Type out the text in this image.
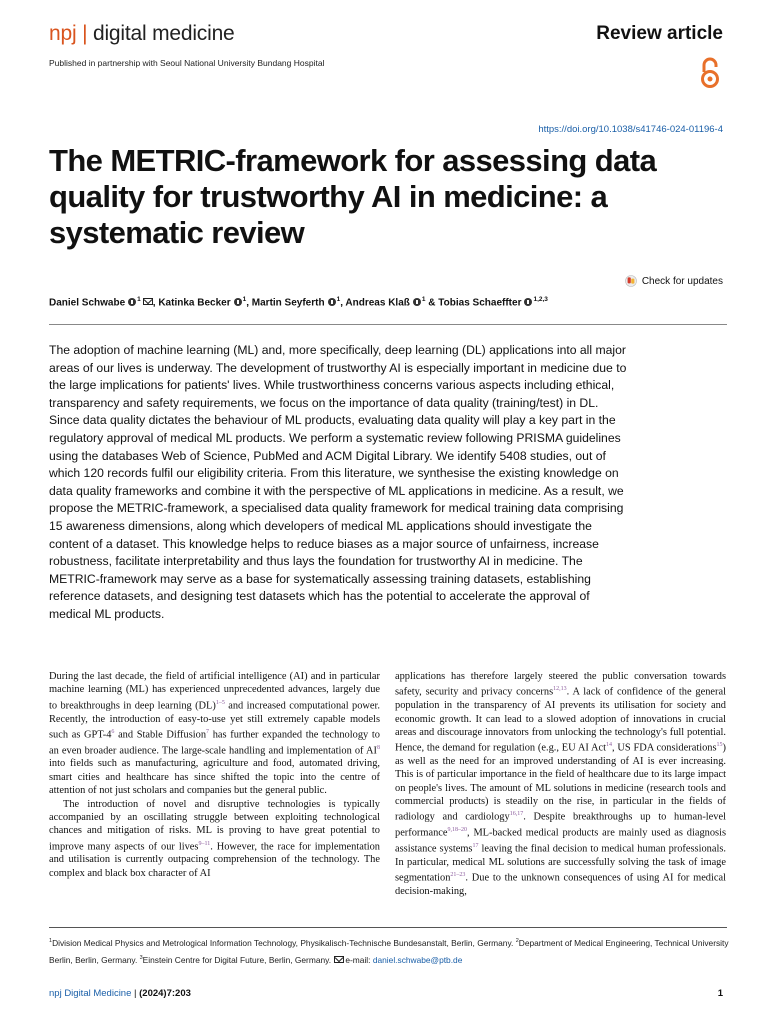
npj | digital medicine	Review article
Published in partnership with Seoul National University Bundang Hospital
https://doi.org/10.1038/s41746-024-01196-4
The METRIC-framework for assessing data quality for trustworthy AI in medicine: a systematic review
Check for updates
Daniel Schwabe $^1$ , Katinka Becker $^1$, Martin Seyferth $^1$, Andreas Klaß $^1$ & Tobias Schaeffter $^{1,2,3}$

The adoption of machine learning (ML) and, more specifically, deep learning (DL) applications into all major areas of our lives is underway. The development of trustworthy AI is especially important in medicine due to the large implications for patients' lives. While trustworthiness concerns various aspects including ethical, transparency and safety requirements, we focus on the importance of data quality (training/test) in DL. Since data quality dictates the behaviour of ML products, evaluating data quality will play a key part in the regulatory approval of medical ML products. We perform a systematic review following PRISMA guidelines using the databases Web of Science, PubMed and ACM Digital Library. We identify 5408 studies, out of which 120 records fulfil our eligibility criteria. From this literature, we synthesise the existing knowledge on data quality frameworks and combine it with the perspective of ML applications in medicine. As a result, we propose the METRIC-framework, a specialised data quality framework for medical training data comprising 15 awareness dimensions, along which developers of medical ML applications should investigate the content of a dataset. This knowledge helps to reduce biases as a major source of unfairness, increase robustness, facilitate interpretability and thus lays the foundation for trustworthy AI in medicine. The METRIC-framework may serve as a base for systematically assessing training datasets, establishing reference datasets, and designing test datasets which has the potential to accelerate the approval of medical ML products.

During the last decade, the field of artificial intelligence (AI) and in particular machine learning (ML) has experienced unprecedented advances, largely due to breakthroughs in deep learning (DL)$^{1-5}$ and increased computational power. Recently, the introduction of easy-to-use yet still extremely capable models such as GPT-$4^6$ and Stable Diffusion$^7$ has further expanded the technology to an even broader audience. The large-scale handling and implementation of $AI^8$ into fields such as manufacturing, agriculture and food, automated driving, smart cities and healthcare has since shifted the topic into the centre of attention of not just scholars and companies but the general public.

The introduction of novel and disruptive technologies is typically accompanied by an oscillating struggle between exploiting technological chances and mitigation of risks. ML is proving to have great potential to improve many aspects of our lives$^{9-11}$. However, the race for implementation and utilisation is currently outpacing comprehension of the technology. The complex and black box character of AI

applications has therefore largely steered the public conversation towards safety, security and privacy concerns$^{12,13}$. A lack of confidence of the general population in the transparency of AI prevents its utilisation for society and economic growth. It can lead to a slowed adoption of innovations in crucial areas and discourage innovators from unlocking the technology's full potential. Hence, the demand for regulation (e.g., EU AI Act$^{14}$, US FDA considerations$^{15}$) as well as the need for an improved understanding of AI is ever increasing. This is of particular importance in the field of healthcare due to its large impact on people's lives. The amount of ML solutions in medicine (research tools and commercial products) is steadily on the rise, in particular in the fields of radiology and cardiology$^{16,17}$. Despite breakthroughs up to human-level performance$^{9,18-20}$, ML-backed medical products are mainly used as diagnosis assistance systems$^{17}$ leaving the final decision to medical human professionals. In particular, medical ML solutions are successfully solving the task of image segmentation$^{21-23}$. Due to the unknown consequences of using AI for medical decision-making,

$^1$Division Medical Physics and Metrological Information Technology, Physikalisch-Technische Bundesanstalt, Berlin, Germany. $^2$Department of Medical Engineering, Technical University Berlin, Berlin, Germany. $^3$Einstein Centre for Digital Future, Berlin, Germany. e-mail: daniel.schwabe@ptb.de
npj Digital Medicine | (2024)7:203	1
